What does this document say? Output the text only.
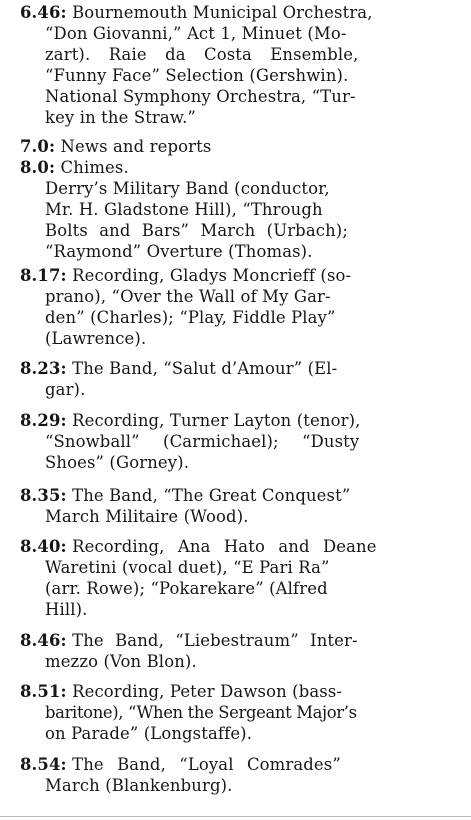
6.46: Bournemouth Municipal Orchestra,
“Don Giovanni,” Act 1, Minuet (Mo-
zart). Raie da Costa Ensemble,
“Funny Face” Selection (Gershwin).
National Symphony Orchestra, “Tur-
key in the Straw.”
7.0: News and reports
8.0: Chimes.
Derry’s Military Band (conductor,
Mr. H. Gladstone Hill), “Through
Bolts and Bars” March (Urbach);
“Raymond” Overture (Thomas).
8.17: Recording, Gladys Moncrieff (so-
prano), “Over the Wall of My Gar-
den” (Charles); “Play, Fiddle Play”
(Lawrence).
8.23: The Band, “Salut d’Amour” (El-
gar).
8.29: Recording, Turner Layton (tenor),
“Snowball” (Carmichael); “Dusty
Shoes” (Gorney).
8.35: The Band, “The Great Conquest”
March Militaire (Wood).
8.40: Recording, Ana Hato and Deane
Waretini (vocal duet), “E Pari Ra”
(arr. Rowe); “Pokarekare” (Alfred
Hill).
8.46: The Band, “Liebestraum” Inter-
mezzo (Von Blon).
8.51: Recording, Peter Dawson (bass-
baritone), “When the Sergeant Major’s
on Parade” (Longstaffe).
8.54: The Band, “Loyal Comrades”
March (Blankenburg).
